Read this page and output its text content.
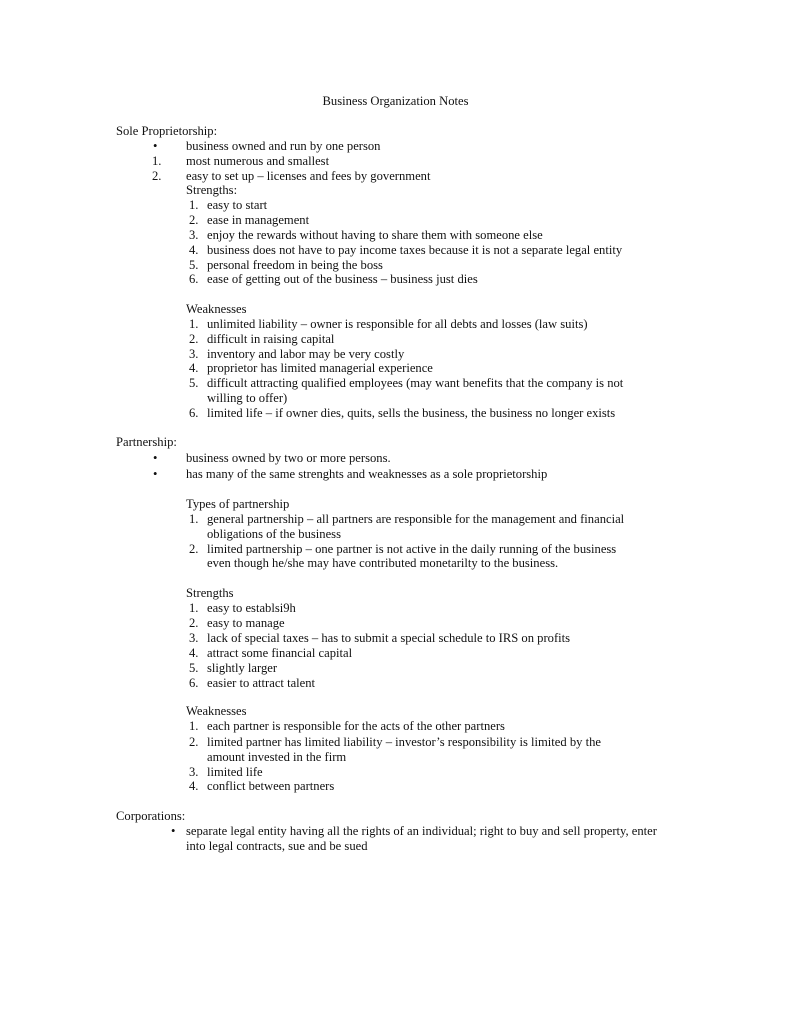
Business Organization Notes
Sole Proprietorship:
• business owned and run by one person
1. most numerous and smallest
2. easy to set up – licenses and fees by government
Strengths:
1. easy to start
2. ease in management
3. enjoy the rewards without having to share them with someone else
4. business does not have to pay income taxes because it is not a separate legal entity
5. personal freedom in being the boss
6. ease of getting out of the business – business just dies
Weaknesses
1. unlimited liability – owner is responsible for all debts and losses (law suits)
2. difficult in raising capital
3. inventory and labor may be very costly
4. proprietor has limited managerial experience
5. difficult attracting qualified employees (may want benefits that the company is not
willing to offer)
6. limited life – if owner dies, quits, sells the business, the business no longer exists
Partnership:
• business owned by two or more persons.
• has many of the same strenghts and weaknesses as a sole proprietorship
Types of partnership
1. general partnership – all partners are responsible for the management and financial
obligations of the business
2. limited partnership – one partner is not active in the daily running of the business
even though he/she may have contributed monetarilty to the business.
Strengths
1. easy to establsi9h
2. easy to manage
3. lack of special taxes – has to submit a special schedule to IRS on profits
4. attract some financial capital
5. slightly larger
6. easier to attract talent
Weaknesses
1. each partner is responsible for the acts of the other partners
2. limited partner has limited liability – investor’s responsibility is limited by the
amount invested in the firm
3. limited life
4. conflict between partners
Corporations:
• separate legal entity having all the rights of an individual; right to buy and sell property, enter
into legal contracts, sue and be sued
